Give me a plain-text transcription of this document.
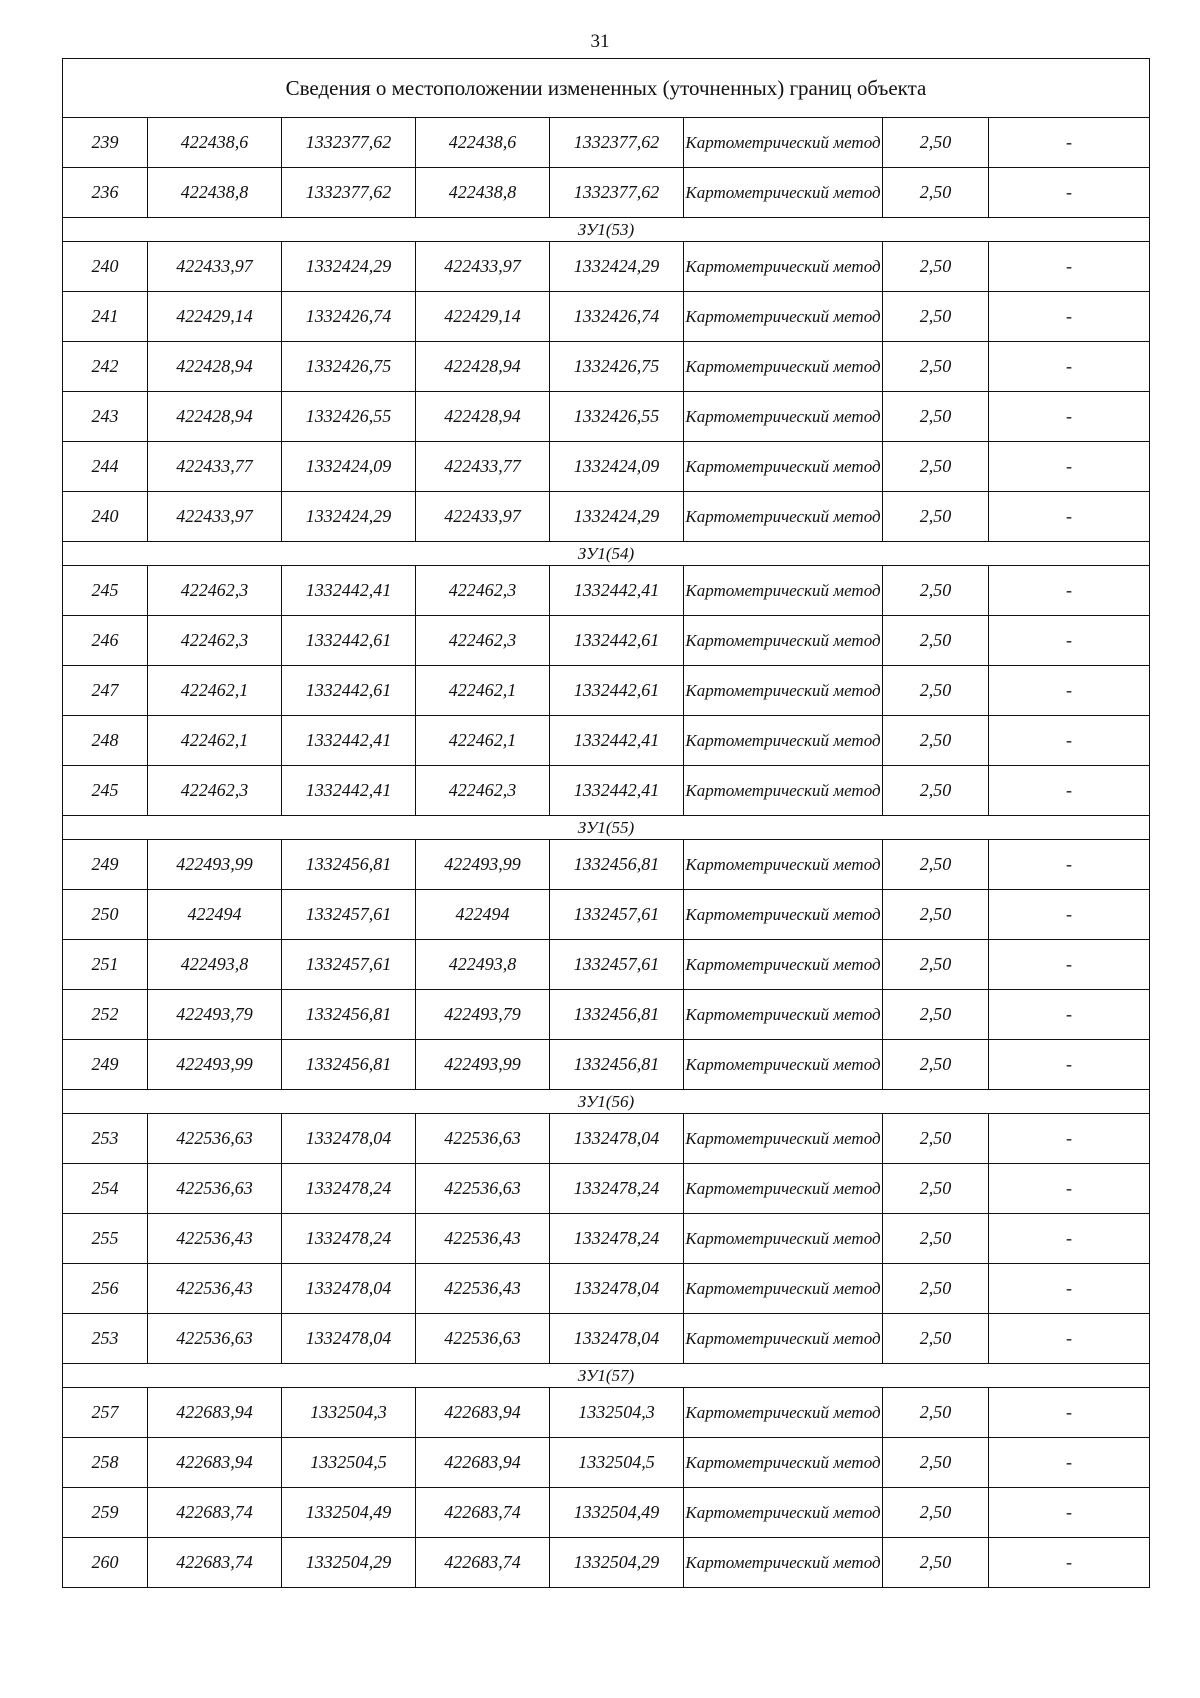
31
Сведения о местоположении измененных (уточненных) границ объекта							
239	422438,6	1332377,62	422438,6	1332377,62	Картометрический метод	2,50	-
236	422438,8	1332377,62	422438,8	1332377,62	Картометрический метод	2,50	-
ЗУ1(53)							
240	422433,97	1332424,29	422433,97	1332424,29	Картометрический метод	2,50	-
241	422429,14	1332426,74	422429,14	1332426,74	Картометрический метод	2,50	-
242	422428,94	1332426,75	422428,94	1332426,75	Картометрический метод	2,50	-
243	422428,94	1332426,55	422428,94	1332426,55	Картометрический метод	2,50	-
244	422433,77	1332424,09	422433,77	1332424,09	Картометрический метод	2,50	-
240	422433,97	1332424,29	422433,97	1332424,29	Картометрический метод	2,50	-
ЗУ1(54)							
245	422462,3	1332442,41	422462,3	1332442,41	Картометрический метод	2,50	-
246	422462,3	1332442,61	422462,3	1332442,61	Картометрический метод	2,50	-
247	422462,1	1332442,61	422462,1	1332442,61	Картометрический метод	2,50	-
248	422462,1	1332442,41	422462,1	1332442,41	Картометрический метод	2,50	-
245	422462,3	1332442,41	422462,3	1332442,41	Картометрический метод	2,50	-
ЗУ1(55)							
249	422493,99	1332456,81	422493,99	1332456,81	Картометрический метод	2,50	-
250	422494	1332457,61	422494	1332457,61	Картометрический метод	2,50	-
251	422493,8	1332457,61	422493,8	1332457,61	Картометрический метод	2,50	-
252	422493,79	1332456,81	422493,79	1332456,81	Картометрический метод	2,50	-
249	422493,99	1332456,81	422493,99	1332456,81	Картометрический метод	2,50	-
ЗУ1(56)							
253	422536,63	1332478,04	422536,63	1332478,04	Картометрический метод	2,50	-
254	422536,63	1332478,24	422536,63	1332478,24	Картометрический метод	2,50	-
255	422536,43	1332478,24	422536,43	1332478,24	Картометрический метод	2,50	-
256	422536,43	1332478,04	422536,43	1332478,04	Картометрический метод	2,50	-
253	422536,63	1332478,04	422536,63	1332478,04	Картометрический метод	2,50	-
ЗУ1(57)							
257	422683,94	1332504,3	422683,94	1332504,3	Картометрический метод	2,50	-
258	422683,94	1332504,5	422683,94	1332504,5	Картометрический метод	2,50	-
259	422683,74	1332504,49	422683,74	1332504,49	Картометрический метод	2,50	-
260	422683,74	1332504,29	422683,74	1332504,29	Картометрический метод	2,50	-
